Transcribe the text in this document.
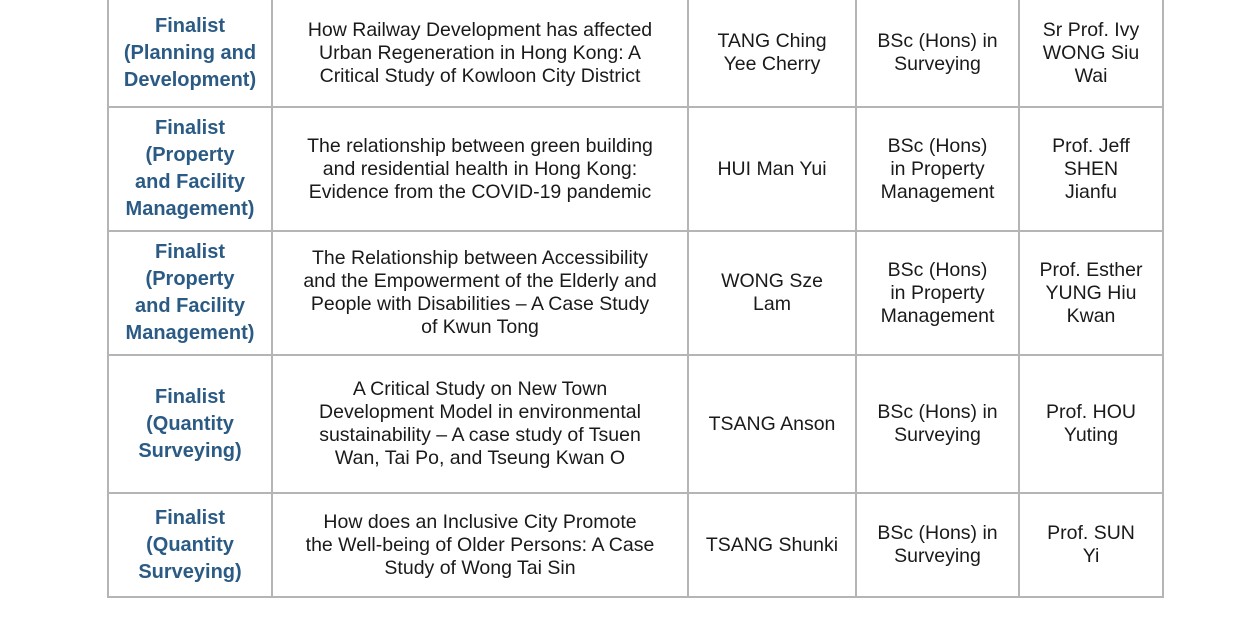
Finalist
(Planning and
Development)	How Railway Development has affected
Urban Regeneration in Hong Kong: A
Critical Study of Kowloon City District	TANG Ching
Yee Cherry	BSc (Hons) in
Surveying	Sr Prof. Ivy
WONG Siu
Wai

Finalist
(Property
and Facility
Management)	The relationship between green building
and residential health in Hong Kong:
Evidence from the COVID-19 pandemic	HUI Man Yui	BSc (Hons)
in Property
Management	Prof. Jeff
SHEN
Jianfu

Finalist
(Property
and Facility
Management)	The Relationship between Accessibility
and the Empowerment of the Elderly and
People with Disabilities – A Case Study
of Kwun Tong	WONG Sze
Lam	BSc (Hons)
in Property
Management	Prof. Esther
YUNG Hiu
Kwan

Finalist
(Quantity
Surveying)	A Critical Study on New Town
Development Model in environmental
sustainability – A case study of Tsuen
Wan, Tai Po, and Tseung Kwan O	TSANG Anson	BSc (Hons) in
Surveying	Prof. HOU
Yuting

Finalist
(Quantity
Surveying)	How does an Inclusive City Promote
the Well-being of Older Persons: A Case
Study of Wong Tai Sin	TSANG Shunki	BSc (Hons) in
Surveying	Prof. SUN
Yi
